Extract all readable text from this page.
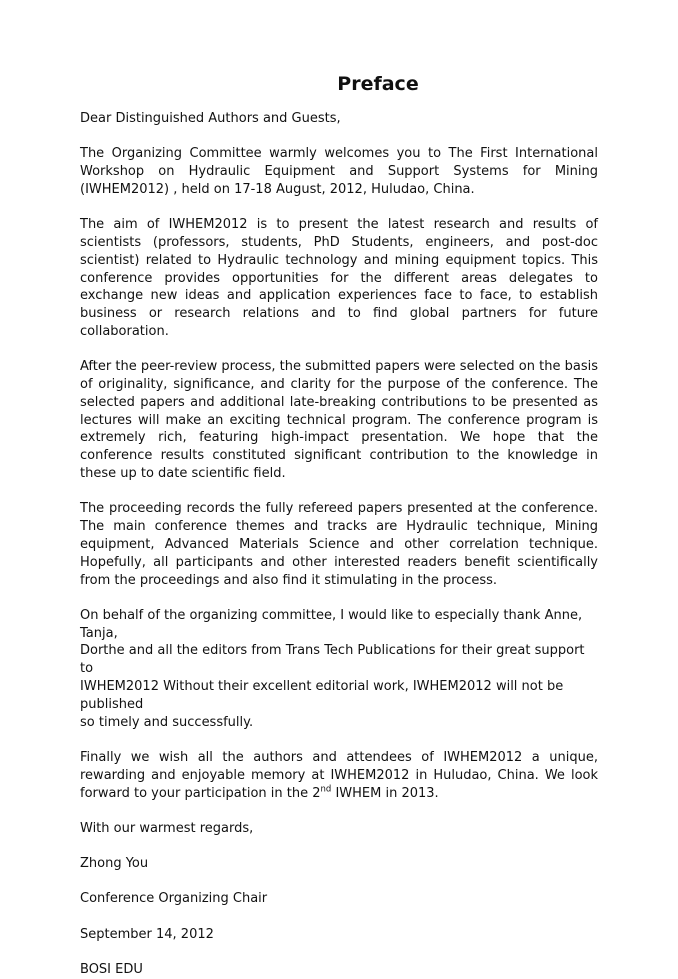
Preface

Dear Distinguished Authors and Guests,

The Organizing Committee warmly welcomes you to The First International Workshop on Hydraulic Equipment and Support Systems for Mining (IWHEM2012) , held on 17-18 August, 2012, Huludao, China.

The aim of IWHEM2012 is to present the latest research and results of scientists (professors, students, PhD Students, engineers, and post-doc scientist) related to Hydraulic technology and mining equipment topics. This conference provides opportunities for the different areas delegates to exchange new ideas and application experiences face to face, to establish business or research relations and to find global partners for future collaboration.

After the peer-review process, the submitted papers were selected on the basis of originality, significance, and clarity for the purpose of the conference. The selected papers and additional late-breaking contributions to be presented as lectures will make an exciting technical program. The conference program is extremely rich, featuring high-impact presentation. We hope that the conference results constituted significant contribution to the knowledge in these up to date scientific field.

The proceeding records the fully refereed papers presented at the conference. The main conference themes and tracks are Hydraulic technique, Mining equipment, Advanced Materials Science and other correlation technique. Hopefully, all participants and other interested readers benefit scientifically from the proceedings and also find it stimulating in the process.

On behalf of the organizing committee, I would like to especially thank Anne, Tanja,
Dorthe and all the editors from Trans Tech Publications for their great support to
IWHEM2012 Without their excellent editorial work, IWHEM2012 will not be published
so timely and successfully.

Finally we wish all the authors and attendees of IWHEM2012 a unique, rewarding and enjoyable memory at IWHEM2012 in Huludao, China. We look forward to your participation in the 2nd IWHEM in 2013.

With our warmest regards,

Zhong You

Conference Organizing Chair

September 14, 2012

BOSI EDU
